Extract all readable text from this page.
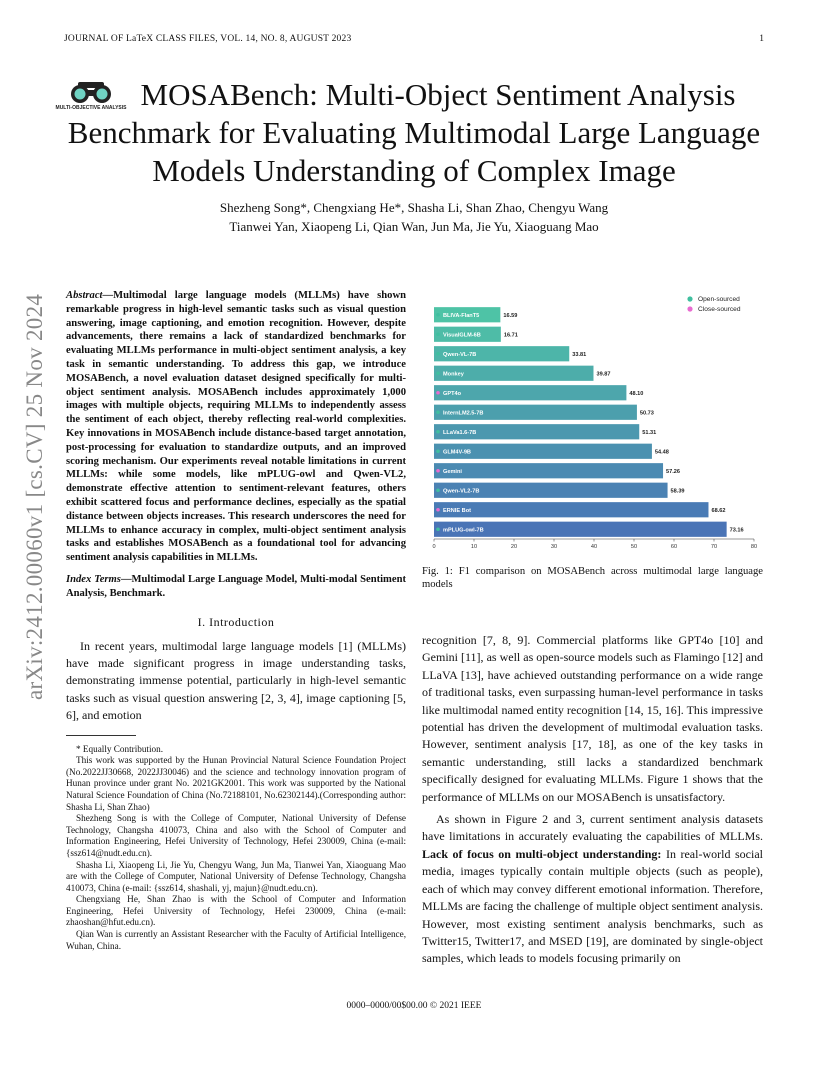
JOURNAL OF LaTeX CLASS FILES, VOL. 14, NO. 8, AUGUST 2023	1
arXiv:2412.00060v1 [cs.CV] 25 Nov 2024
MULTI-OBJECTIVE ANALYSIS MOSABench: Multi-Object Sentiment Analysis Benchmark for Evaluating Multimodal Large Language Models Understanding of Complex Image
Shezheng Song*, Chengxiang He*, Shasha Li, Shan Zhao, Chengyu Wang
Tianwei Yan, Xiaopeng Li, Qian Wan, Jun Ma, Jie Yu, Xiaoguang Mao
Abstract—Multimodal large language models (MLLMs) have shown remarkable progress in high-level semantic tasks such as visual question answering, image captioning, and emotion recognition. However, despite advancements, there remains a lack of standardized benchmarks for evaluating MLLMs performance in multi-object sentiment analysis, a key task in semantic understanding. To address this gap, we introduce MOSABench, a novel evaluation dataset designed specifically for multi-object sentiment analysis. MOSABench includes approximately 1,000 images with multiple objects, requiring MLLMs to independently assess the sentiment of each object, thereby reflecting real-world complexities. Key innovations in MOSABench include distance-based target annotation, post-processing for evaluation to standardize outputs, and an improved scoring mechanism. Our experiments reveal notable limitations in current MLLMs: while some models, like mPLUG-owl and Qwen-VL2, demonstrate effective attention to sentiment-relevant features, others exhibit scattered focus and performance declines, especially as the spatial distance between objects increases. This research underscores the need for MLLMs to enhance accuracy in complex, multi-object sentiment analysis tasks and establishes MOSABench as a foundational tool for advancing sentiment analysis capabilities in MLLMs.
Index Terms—Multimodal Large Language Model, Multi-modal Sentiment Analysis, Benchmark.
I. Introduction

In recent years, multimodal large language models [1] (MLLMs) have made significant progress in image understanding tasks, demonstrating immense potential, particularly in high-level semantic tasks such as visual question answering [2, 3, 4], image captioning [5, 6], and emotion

* Equally Contribution.

This work was supported by the Hunan Provincial Natural Science Foundation Project (No.2022JJ30668, 2022JJ30046) and the science and technology innovation program of Hunan province under grant No. 2021GK2001. This work was supported by the National Natural Science Foundation of China (No.72188101, No.62302144).(Corresponding author: Shasha Li, Shan Zhao)

Shezheng Song is with the College of Computer, National University of Defense Technology, Changsha 410073, China and also with the School of Computer and Information Engineering, Hefei University of Technology, Hefei 230009, China (e-mail: {ssz614@nudt.edu.cn).

Shasha Li, Xiaopeng Li, Jie Yu, Chengyu Wang, Jun Ma, Tianwei Yan, Xiaoguang Mao are with the College of Computer, National University of Defense Technology, Changsha 410073, China (e-mail: {ssz614, shashali, yj, majun}@nudt.edu.cn).

Chengxiang He, Shan Zhao is with the School of Computer and Information Engineering, Hefei University of Technology, Hefei 230009, China (e-mail: zhaoshan@hfut.edu.cn).

Qian Wan is currently an Assistant Researcher with the Faculty of Artificial Intelligence, Wuhan, China.

BLIVA-FlanT5	16.59
VisualGLM-6B	16.71
Qwen-VL-7B	33.81
Monkey	39.87
GPT4o	48.10
InternLM2.5-7B	50.73
LLaVa1.6-7B	51.31
GLM4V-9B	54.48
Gemini	57.26
Qwen-VL2-7B	58.39
ERNIE Bot	68.62
mPLUG-owl-7B	73.16
0	10	20	30	40	50	60	70	80
Open-sourced
Close-sourced
Fig. 1: F1 comparison on MOSABench across multimodal large language models

recognition [7, 8, 9]. Commercial platforms like GPT4o [10] and Gemini [11], as well as open-source models such as Flamingo [12] and LLaVA [13], have achieved outstanding performance on a wide range of traditional tasks, even surpassing human-level performance in tasks like multimodal named entity recognition [14, 15, 16]. This impressive potential has driven the development of multimodal evaluation tasks. However, sentiment analysis [17, 18], as one of the key tasks in semantic understanding, still lacks a standardized benchmark specifically designed for evaluating MLLMs. Figure 1 shows that the performance of MLLMs on our MOSABench is unsatisfactory.

As shown in Figure 2 and 3, current sentiment analysis datasets have limitations in accurately evaluating the capabilities of MLLMs. Lack of focus on multi-object understanding: In real-world social media, images typically contain multiple objects (such as people), each of which may convey different emotional information. Therefore, MLLMs are facing the challenge of multiple object sentiment analysis. However, most existing sentiment analysis benchmarks, such as Twitter15, Twitter17, and MSED [19], are dominated by single-object samples, which leads to models focusing primarily on

0000–0000/00$00.00 © 2021 IEEE
